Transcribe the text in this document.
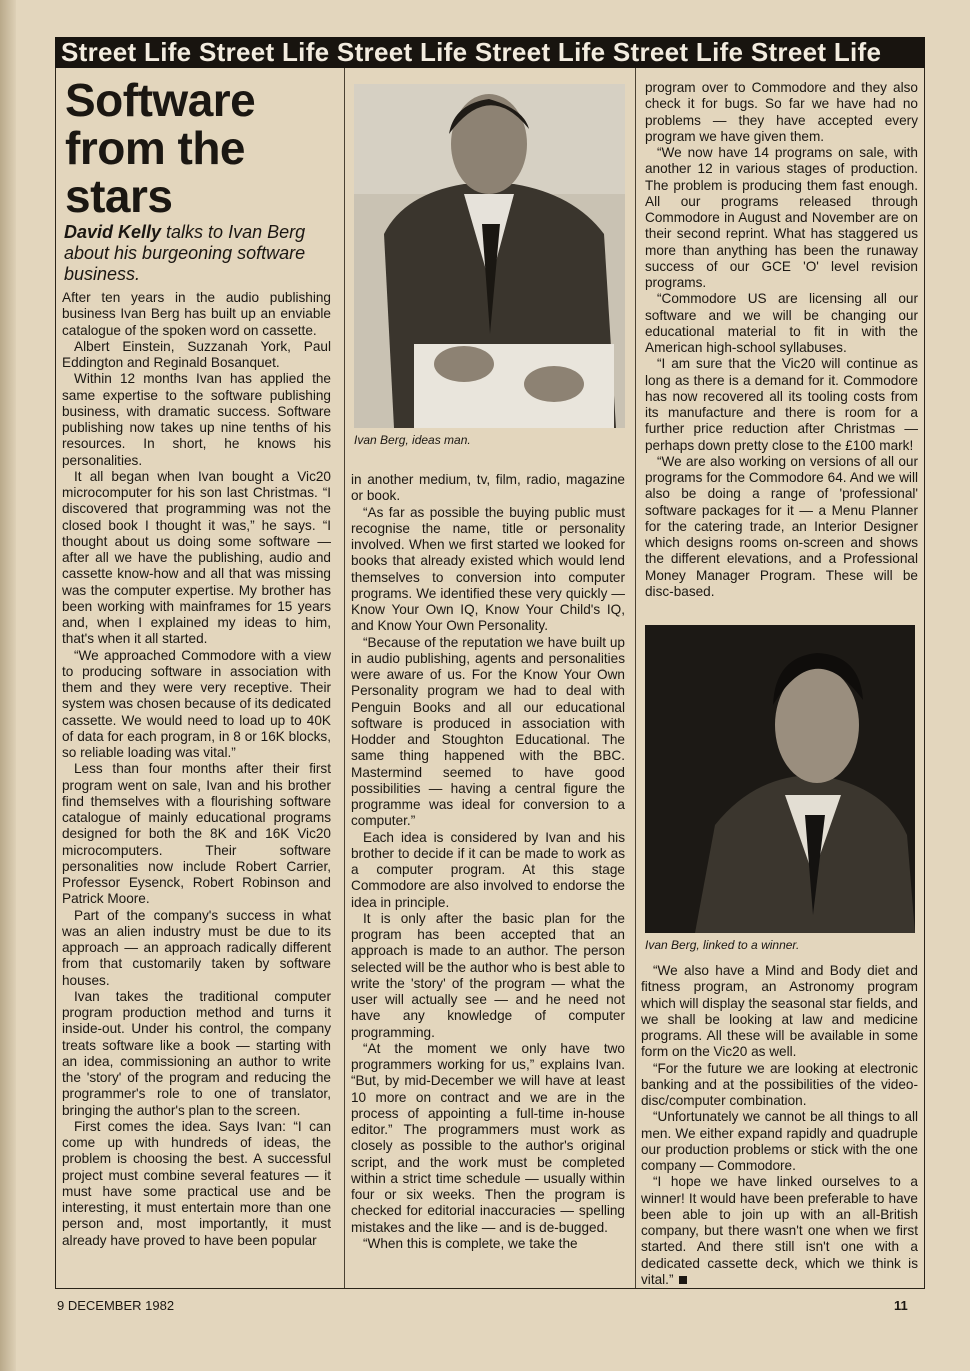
Street Life Street Life Street Life Street Life Street Life Street Life
Software from the stars
David Kelly talks to Ivan Berg about his burgeoning software business.

After ten years in the audio publishing business Ivan Berg has built up an enviable catalogue of the spoken word on cassette.

Albert Einstein, Suzzanah York, Paul Eddington and Reginald Bosanquet.

Within 12 months Ivan has applied the same expertise to the software publishing business, with dramatic success. Software publishing now takes up nine tenths of his resources. In short, he knows his personalities.

It all began when Ivan bought a Vic20 microcomputer for his son last Christmas. “I discovered that programming was not the closed book I thought it was,” he says. “I thought about us doing some software — after all we have the publishing, audio and cassette know-how and all that was missing was the computer expertise. My brother has been working with mainframes for 15 years and, when I explained my ideas to him, that's when it all started.

“We approached Commodore with a view to producing software in association with them and they were very receptive. Their system was chosen because of its dedicated cassette. We would need to load up to 40K of data for each program, in 8 or 16K blocks, so reliable loading was vital.”

Less than four months after their first program went on sale, Ivan and his brother find themselves with a flourishing software catalogue of mainly educational programs designed for both the 8K and 16K Vic20 microcomputers. Their software personalities now include Robert Carrier, Professor Eysenck, Robert Robinson and Patrick Moore.

Part of the company's success in what was an alien industry must be due to its approach — an approach radically different from that customarily taken by software houses.

Ivan takes the traditional computer program production method and turns it inside-out. Under his control, the company treats software like a book — starting with an idea, commissioning an author to write the 'story' of the program and reducing the programmer's role to one of translator, bringing the author's plan to the screen.

First comes the idea. Says Ivan: “I can come up with hundreds of ideas, the problem is choosing the best. A successful project must combine several features — it must have some practical use and be interesting, it must entertain more than one person and, most importantly, it must already have proved to have been popular

Ivan Berg, ideas man.

in another medium, tv, film, radio, magazine or book.

“As far as possible the buying public must recognise the name, title or personality involved. When we first started we looked for books that already existed which would lend themselves to conversion into computer programs. We identified these very quickly — Know Your Own IQ, Know Your Child's IQ, and Know Your Own Personality.

“Because of the reputation we have built up in audio publishing, agents and personalities were aware of us. For the Know Your Own Personality program we had to deal with Penguin Books and all our educational software is produced in association with Hodder and Stoughton Educational. The same thing happened with the BBC. Mastermind seemed to have good possibilities — having a central figure the programme was ideal for conversion to a computer.”

Each idea is considered by Ivan and his brother to decide if it can be made to work as a computer program. At this stage Commodore are also involved to endorse the idea in principle.

It is only after the basic plan for the program has been accepted that an approach is made to an author. The person selected will be the author who is best able to write the 'story' of the program — what the user will actually see — and he need not have any knowledge of computer programming.

“At the moment we only have two programmers working for us,” explains Ivan. “But, by mid-December we will have at least 10 more on contract and we are in the process of appointing a full-time in-house editor.” The programmers must work as closely as possible to the author's original script, and the work must be completed within a strict time schedule — usually within four or six weeks. Then the program is checked for editorial inaccuracies — spelling mistakes and the like — and is de-bugged.

“When this is complete, we take the

program over to Commodore and they also check it for bugs. So far we have had no problems — they have accepted every program we have given them.

“We now have 14 programs on sale, with another 12 in various stages of production. The problem is producing them fast enough. All our programs released through Commodore in August and November are on their second reprint. What has staggered us more than anything has been the runaway success of our GCE 'O' level revision programs.

“Commodore US are licensing all our software and we will be changing our educational material to fit in with the American high-school syllabuses.

“I am sure that the Vic20 will continue as long as there is a demand for it. Commodore has now recovered all its tooling costs from its manufacture and there is room for a further price reduction after Christmas — perhaps down pretty close to the £100 mark!

“We are also working on versions of all our programs for the Commodore 64. And we will also be doing a range of 'professional' software packages for it — a Menu Planner for the catering trade, an Interior Designer which designs rooms on-screen and shows the different elevations, and a Professional Money Manager Program. These will be disc-based.

Ivan Berg, linked to a winner.

“We also have a Mind and Body diet and fitness program, an Astronomy program which will display the seasonal star fields, and we shall be looking at law and medicine programs. All these will be available in some form on the Vic20 as well.

“For the future we are looking at electronic banking and at the possibilities of the video-disc/computer combination.

“Unfortunately we cannot be all things to all men. We either expand rapidly and quadruple our production problems or stick with the one company — Commodore.

“I hope we have linked ourselves to a winner! It would have been preferable to have been able to join up with an all-British company, but there wasn't one when we first started. And there still isn't one with a dedicated cassette deck, which we think is vital.”

9 DECEMBER 1982	11
